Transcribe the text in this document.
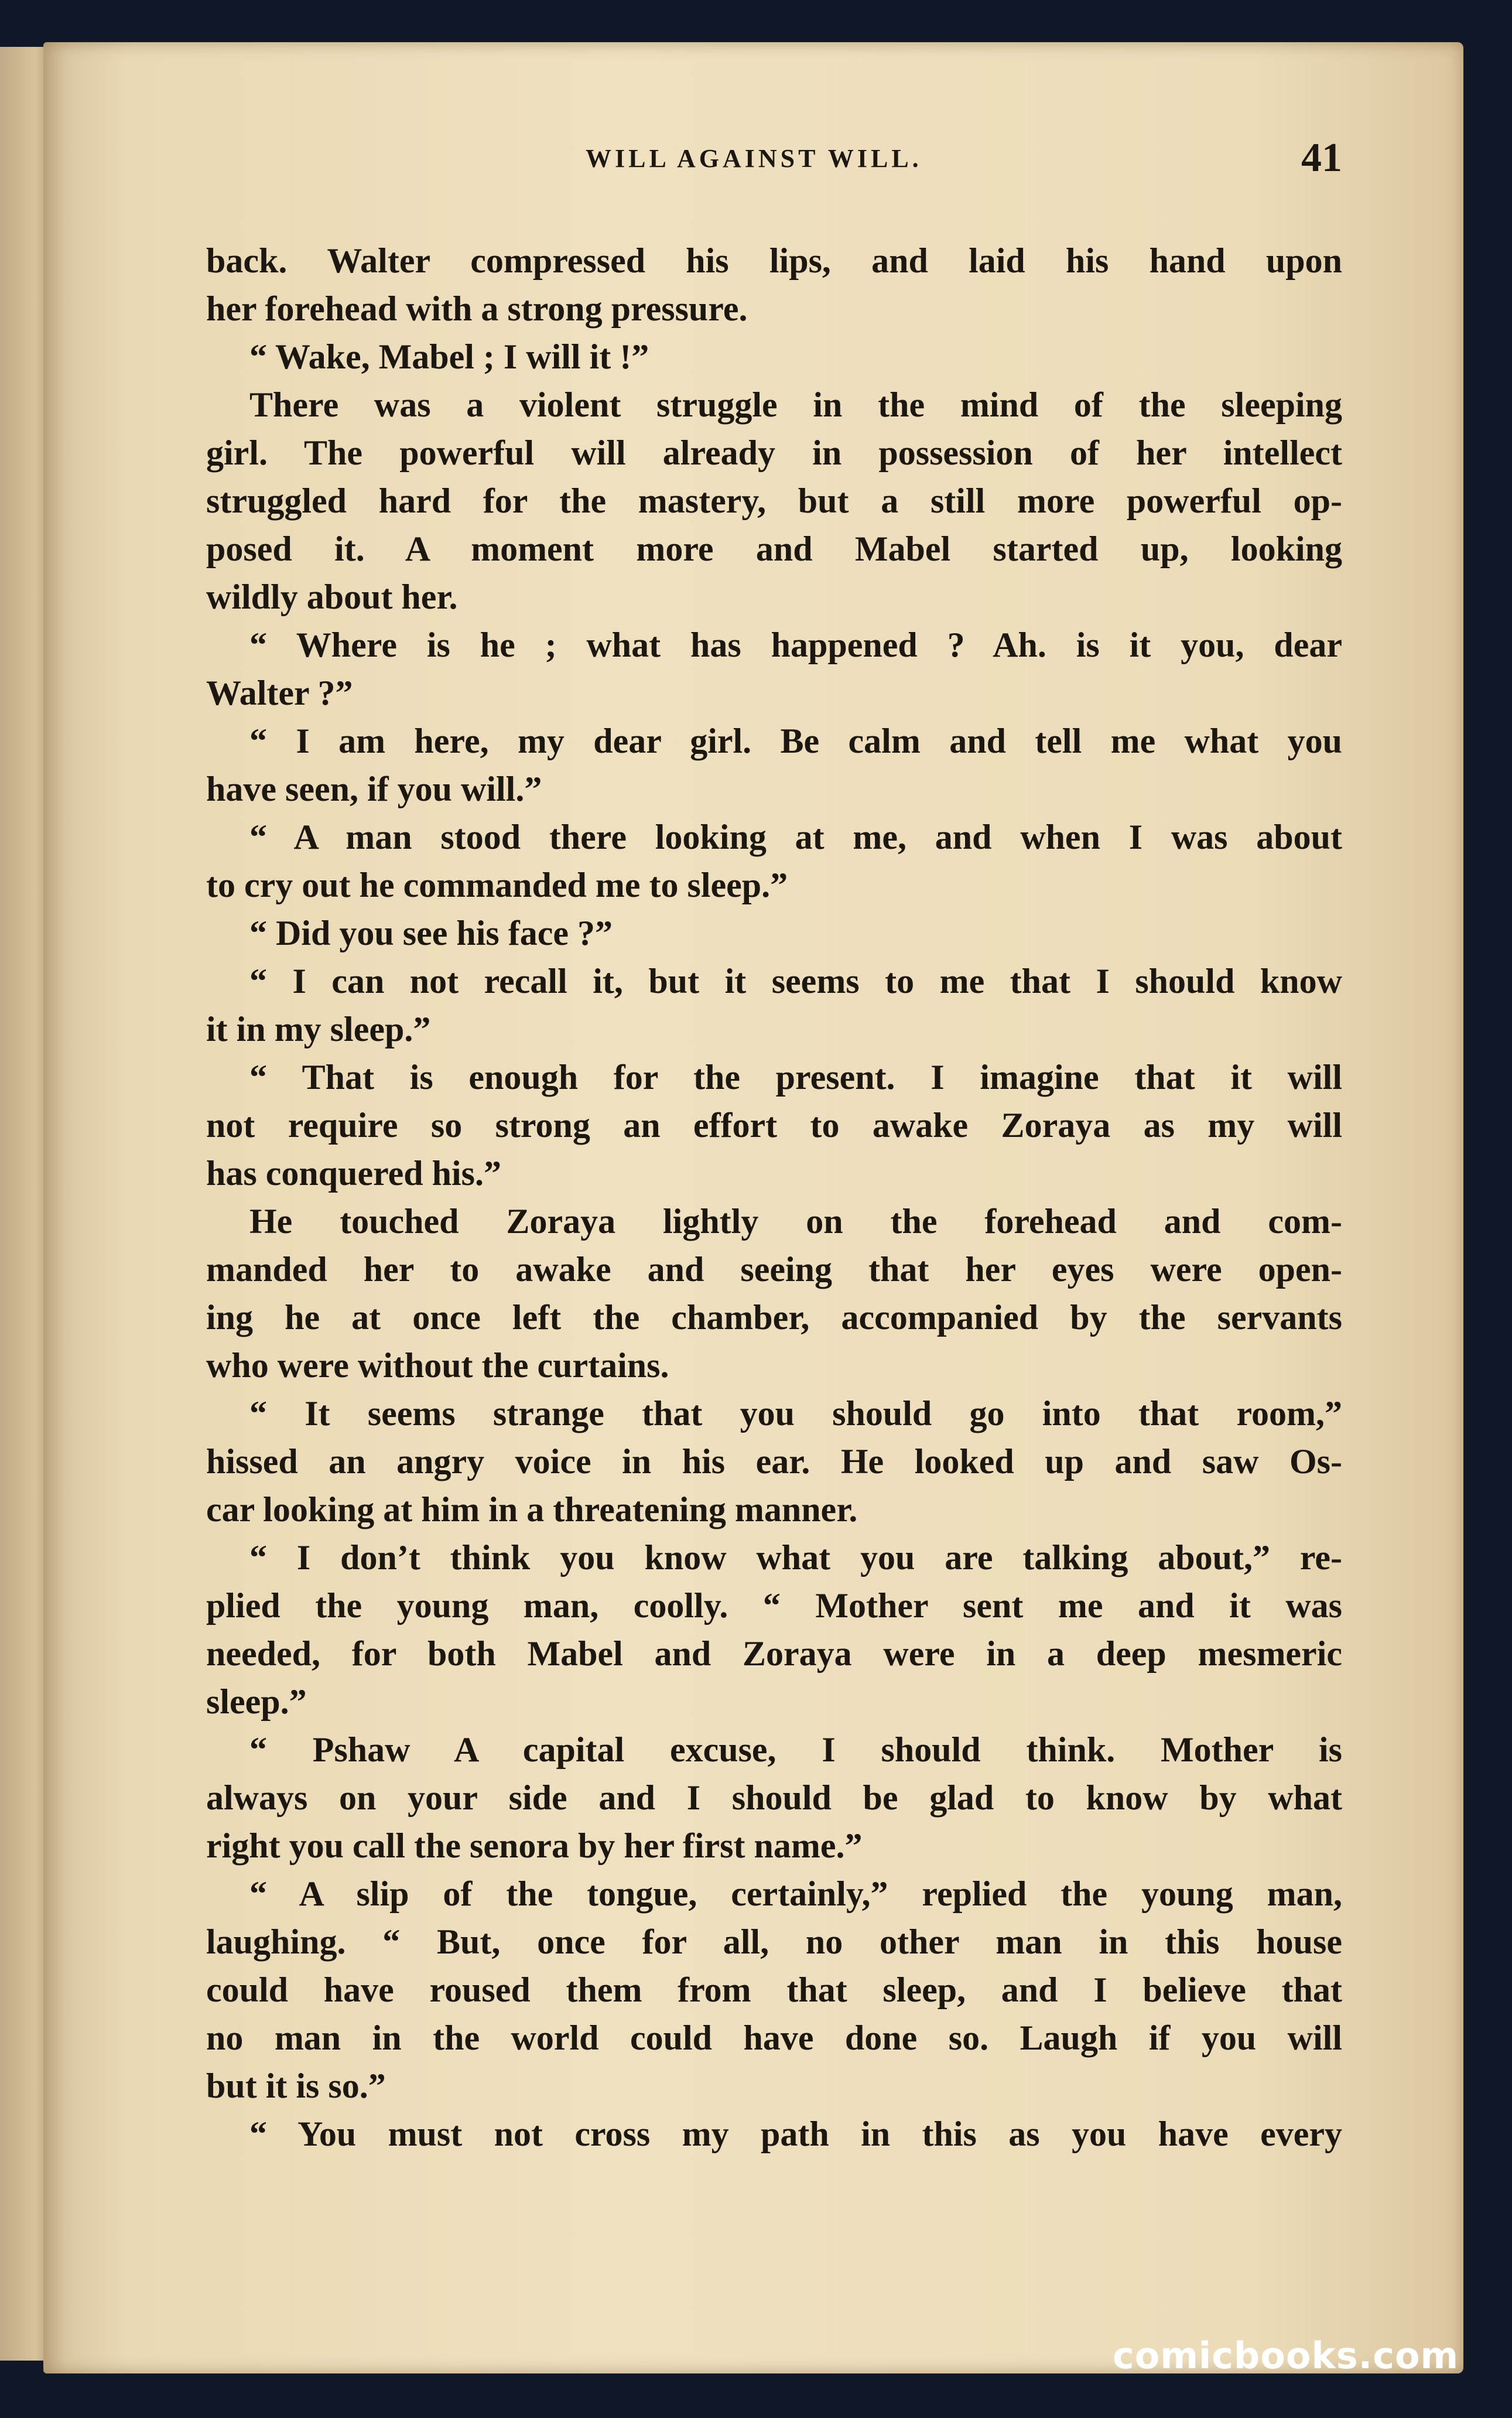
WILL AGAINST WILL.	41

back. Walter compressed his lips, and laid his hand upon

her forehead with a strong pressure.

“ Wake, Mabel ; I will it !”

There was a violent struggle in the mind of the sleeping

girl. The powerful will already in possession of her intellect

struggled hard for the mastery, but a still more powerful op-

posed it. A moment more and Mabel started up, looking

wildly about her.

“ Where is he ; what has happened ? Ah. is it you, dear

Walter ?”

“ I am here, my dear girl. Be calm and tell me what you

have seen, if you will.”

“ A man stood there looking at me, and when I was about

to cry out he commanded me to sleep.”

“ Did you see his face ?”

“ I can not recall it, but it seems to me that I should know

it in my sleep.”

“ That is enough for the present. I imagine that it will

not require so strong an effort to awake Zoraya as my will

has conquered his.”

He touched Zoraya lightly on the forehead and com-

manded her to awake and seeing that her eyes were open-

ing he at once left the chamber, accompanied by the servants

who were without the curtains.

“ It seems strange that you should go into that room,”

hissed an angry voice in his ear. He looked up and saw Os-

car looking at him in a threatening manner.

“ I don’t think you know what you are talking about,” re-

plied the young man, coolly. “ Mother sent me and it was

needed, for both Mabel and Zoraya were in a deep mesmeric

sleep.”

“ Pshaw A capital excuse, I should think. Mother is

always on your side and I should be glad to know by what

right you call the senora by her first name.”

“ A slip of the tongue, certainly,” replied the young man,

laughing. “ But, once for all, no other man in this house

could have roused them from that sleep, and I believe that

no man in the world could have done so. Laugh if you will

but it is so.”

“ You must not cross my path in this as you have every

comicbooks.com
